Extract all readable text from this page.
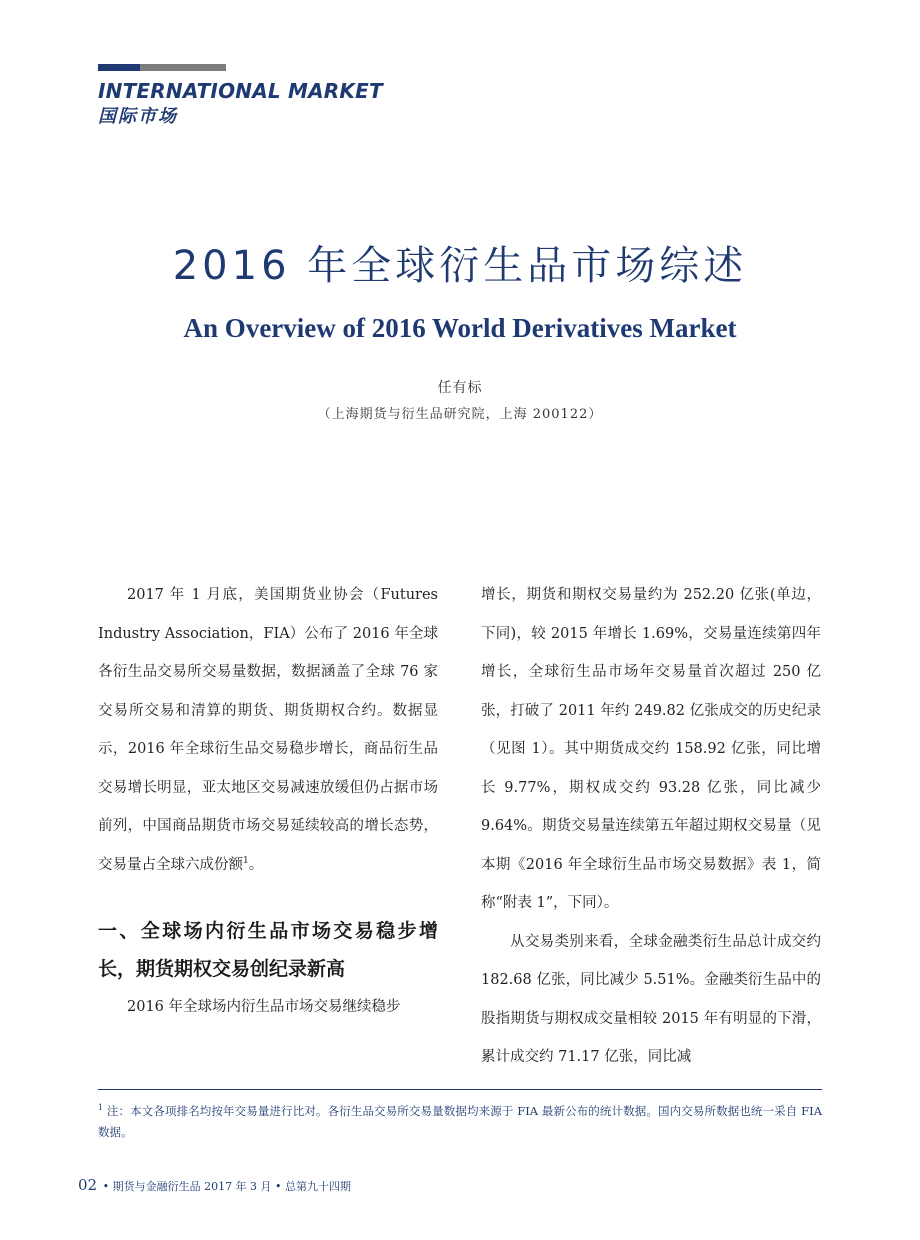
INTERNATIONAL MARKET
国际市场
2016 年全球衍生品市场综述
An Overview of 2016 World Derivatives Market
任有标
（上海期货与衍生品研究院，上海 200122）

2017 年 1 月底，美国期货业协会（Futures Industry Association，FIA）公布了 2016 年全球各衍生品交易所交易量数据，数据涵盖了全球 76 家交易所交易和清算的期货、期货期权合约。数据显示，2016 年全球衍生品交易稳步增长，商品衍生品交易增长明显，亚太地区交易减速放缓但仍占据市场前列，中国商品期货市场交易延续较高的增长态势，交易量占全球六成份额$^1$。

一、全球场内衍生品市场交易稳步增长，期货期权交易创纪录新高

2016 年全球场内衍生品市场交易继续稳步

增长，期货和期权交易量约为 252.20 亿张(单边，下同)，较 2015 年增长 1.69%，交易量连续第四年增长，全球衍生品市场年交易量首次超过 250 亿张，打破了 2011 年约 249.82 亿张成交的历史纪录（见图 1）。其中期货成交约 158.92 亿张，同比增长 9.77%，期权成交约 93.28 亿张，同比减少 9.64%。期货交易量连续第五年超过期权交易量（见本期《2016 年全球衍生品市场交易数据》表 1，简称“附表 1”，下同）。

从交易类别来看，全球金融类衍生品总计成交约 182.68 亿张，同比减少 5.51%。金融类衍生品中的股指期货与期权成交量相较 2015 年有明显的下滑，累计成交约 71.17 亿张，同比减

$^1$ 注：本文各项排名均按年交易量进行比对。各衍生品交易所交易量数据均来源于 FIA 最新公布的统计数据。国内交易所数据也统一采自 FIA 数据。
02 • 期货与金融衍生品 2017 年 3 月 • 总第九十四期
